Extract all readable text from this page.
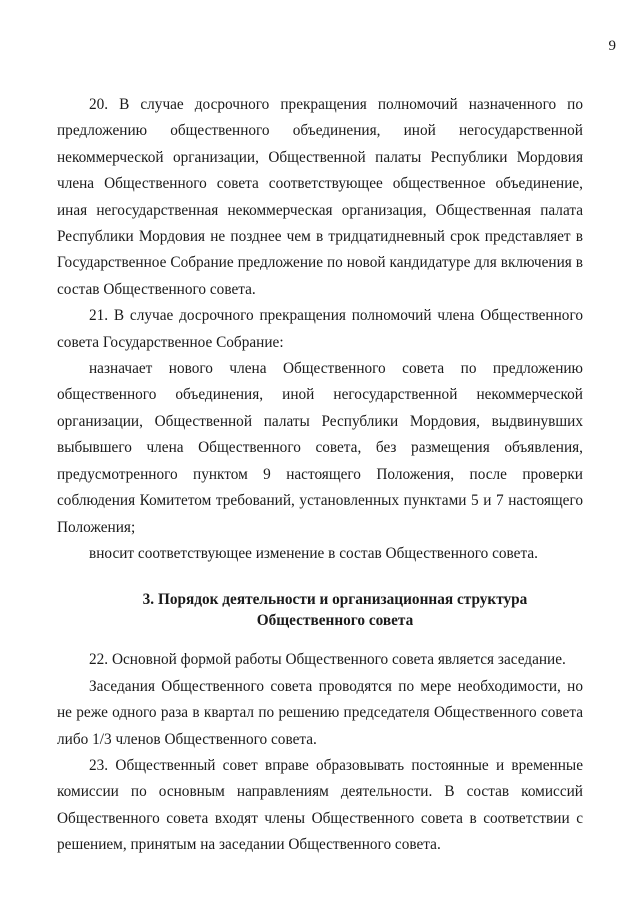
9

20. В случае досрочного прекращения полномочий назначенного по предложению общественного объединения, иной негосударственной некоммерческой организации, Общественной палаты Республики Мордовия члена Общественного совета соответствующее общественное объединение, иная негосударственная некоммерческая организация, Общественная палата Республики Мордовия не позднее чем в тридцатидневный срок представляет в Государственное Собрание предложение по новой кандидатуре для включения в состав Общественного совета.

21. В случае досрочного прекращения полномочий члена Общественного совета Государственное Собрание:

назначает нового члена Общественного совета по предложению общественного объединения, иной негосударственной некоммерческой организации, Общественной палаты Республики Мордовия, выдвинувших выбывшего члена Общественного совета, без размещения объявления, предусмотренного пунктом 9 настоящего Положения, после проверки соблюдения Комитетом требований, установленных пунктами 5 и 7 настоящего Положения;

вносит соответствующее изменение в состав Общественного совета.

3. Порядок деятельности и организационная структура
Общественного совета

22. Основной формой работы Общественного совета является заседание.

Заседания Общественного совета проводятся по мере необходимости, но не реже одного раза в квартал по решению председателя Общественного совета либо 1/3 членов Общественного совета.

23. Общественный совет вправе образовывать постоянные и временные комиссии по основным направлениям деятельности. В состав комиссий Общественного совета входят члены Общественного совета в соответствии с решением, принятым на заседании Общественного совета.
